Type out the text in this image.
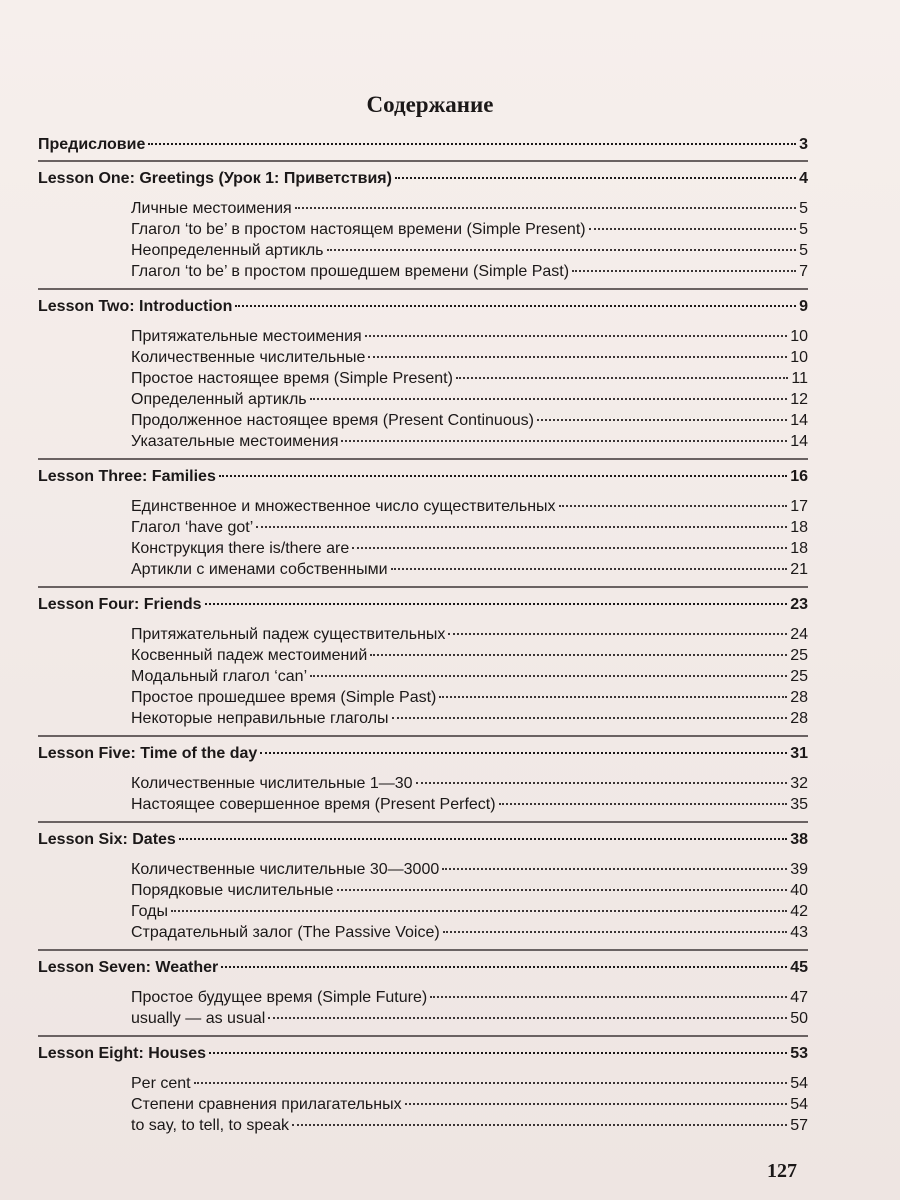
Содержание
Предисловие	3
Lesson One: Greetings (Урок 1: Приветствия)	4
Личные местоимения	5
Глагол ‘to be’ в простом настоящем времени (Simple Present)	5
Неопределенный артикль	5
Глагол ‘to be’ в простом прошедшем времени (Simple Past)	7
Lesson Two: Introduction	9
Притяжательные местоимения	10
Количественные числительные	10
Простое настоящее время (Simple Present)	11
Определенный артикль	12
Продолженное настоящее время (Present Continuous)	14
Указательные местоимения	14
Lesson Three: Families	16
Единственное и множественное число существительных	17
Глагол ‘have got’	18
Конструкция there is/there are	18
Артикли с именами собственными	21
Lesson Four: Friends	23
Притяжательный падеж существительных	24
Косвенный падеж местоимений	25
Модальный глагол ‘can’	25
Простое прошедшее время (Simple Past)	28
Некоторые неправильные глаголы	28
Lesson Five: Time of the day	31
Количественные числительные 1—30	32
Настоящее совершенное время (Present Perfect)	35
Lesson Six: Dates	38
Количественные числительные 30—3000	39
Порядковые числительные	40
Годы	42
Страдательный залог (The Passive Voice)	43
Lesson Seven: Weather	45
Простое будущее время (Simple Future)	47
usually — as usual	50
Lesson Eight: Houses	53
Per cent	54
Степени сравнения прилагательных	54
to say, to tell, to speak	57
127
